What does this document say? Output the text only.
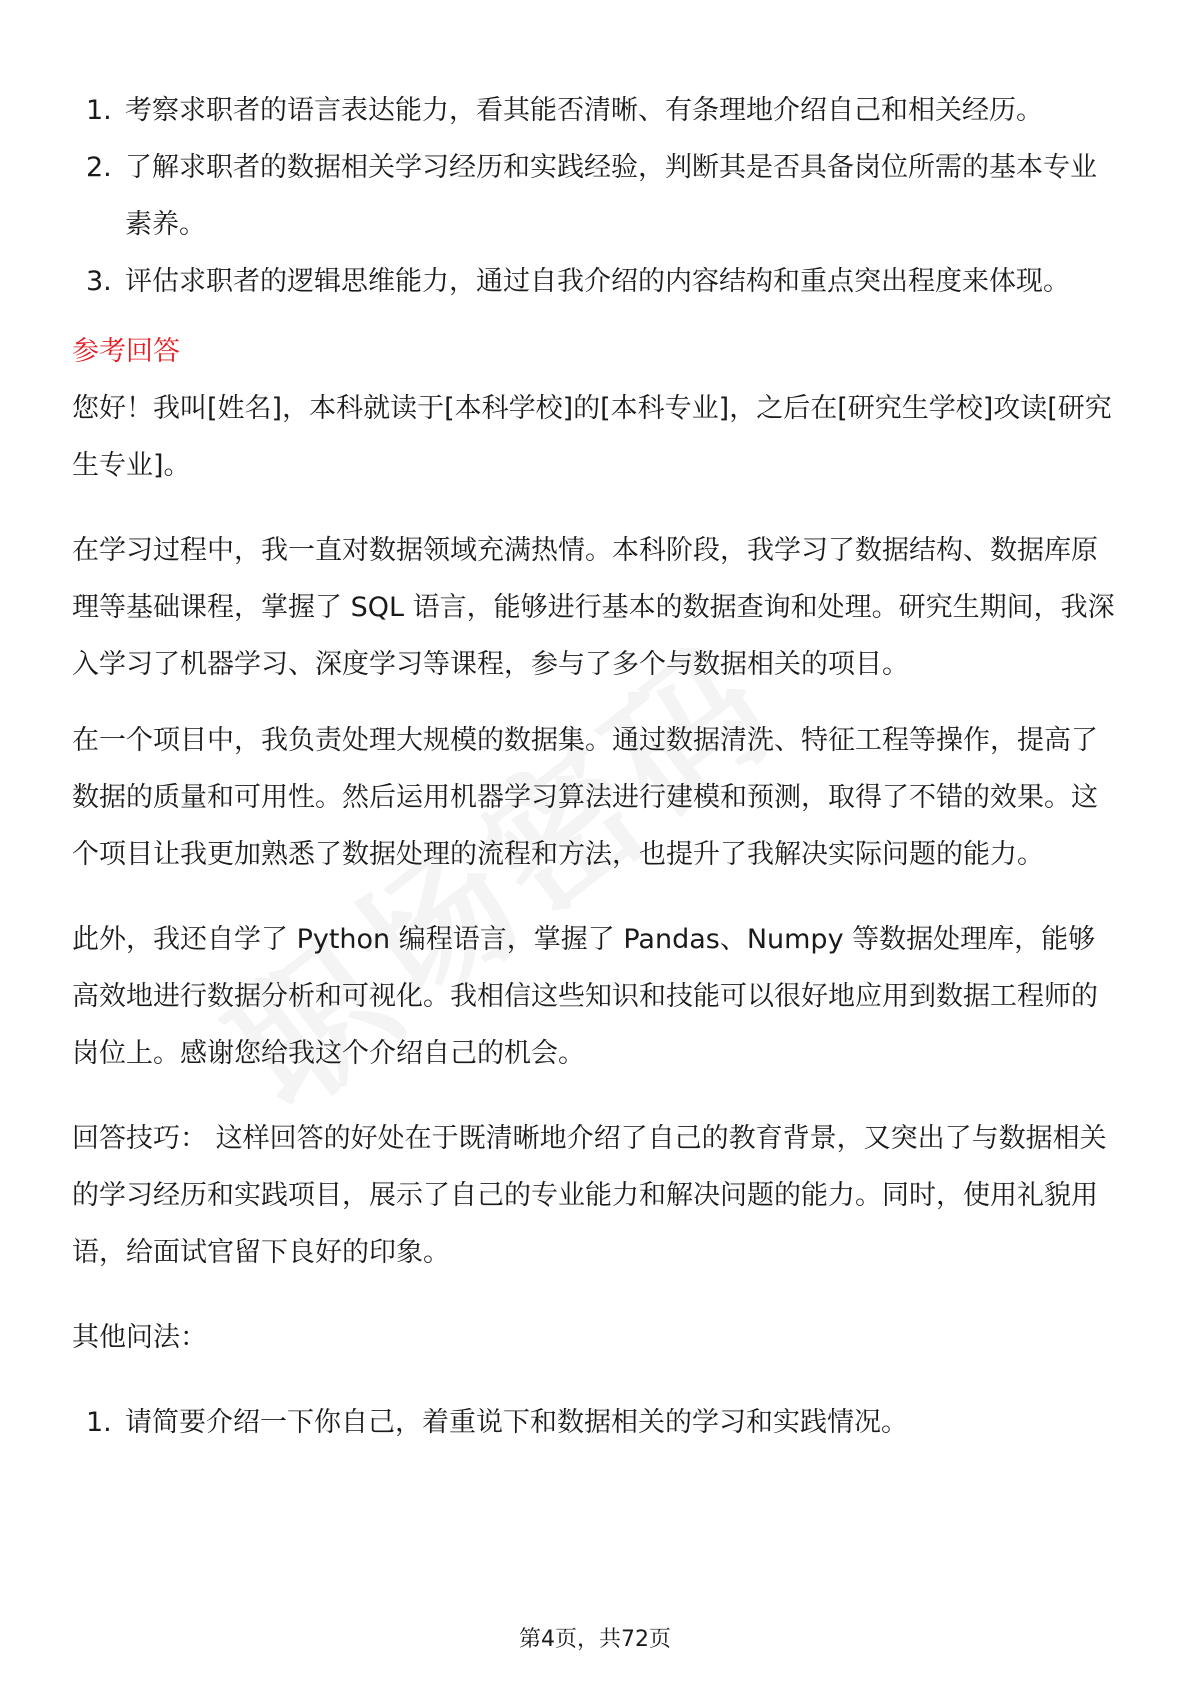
1. 考察求职者的语言表达能力，看其能否清晰、有条理地介绍自己和相关经历。
2. 了解求职者的数据相关学习经历和实践经验，判断其是否具备岗位所需的基本专业素养。
3. 评估求职者的逻辑思维能力，通过自我介绍的内容结构和重点突出程度来体现。
参考回答

您好！我叫[姓名]，本科就读于[本科学校]的[本科专业]，之后在[研究生学校]攻读[研究生专业]。

在学习过程中，我一直对数据领域充满热情。本科阶段，我学习了数据结构、数据库原理等基础课程，掌握了 SQL 语言，能够进行基本的数据查询和处理。研究生期间，我深入学习了机器学习、深度学习等课程，参与了多个与数据相关的项目。

在一个项目中，我负责处理大规模的数据集。通过数据清洗、特征工程等操作，提高了数据的质量和可用性。然后运用机器学习算法进行建模和预测，取得了不错的效果。这个项目让我更加熟悉了数据处理的流程和方法，也提升了我解决实际问题的能力。

此外，我还自学了 Python 编程语言，掌握了 Pandas、Numpy 等数据处理库，能够高效地进行数据分析和可视化。我相信这些知识和技能可以很好地应用到数据工程师的岗位上。感谢您给我这个介绍自己的机会。

回答技巧： 这样回答的好处在于既清晰地介绍了自己的教育背景，又突出了与数据相关的学习经历和实践项目，展示了自己的专业能力和解决问题的能力。同时，使用礼貌用语，给面试官留下良好的印象。

其他问法：

1. 请简要介绍一下你自己，着重说下和数据相关的学习和实践情况。
第4页，共72页
